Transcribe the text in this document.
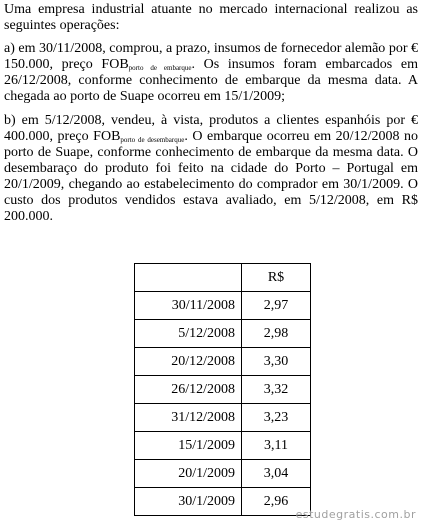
Uma empresa industrial atuante no mercado internacional realizou as seguintes operações:

a) em 30/11/2008, comprou, a prazo, insumos de fornecedor alemão por € 150.000, preço $FOB_{porto de embarque}$. Os insumos foram embarcados em 26/12/2008, conforme conhecimento de embarque da mesma data. A chegada ao porto de Suape ocorreu em 15/1/2009;

b) em 5/12/2008, vendeu, à vista, produtos a clientes espanhóis por € 400.000, preço $FOB_{porto de desembarque}$. O embarque ocorreu em 20/12/2008 no porto de Suape, conforme conhecimento de embarque da mesma data. O desembaraço do produto foi feito na cidade do Porto – Portugal em 20/1/2009, chegando ao estabelecimento do comprador em 30/1/2009. O custo dos produtos vendidos estava avaliado, em 5/12/2008, em R$ 200.000.

	R$
30/11/2008	2,97
5/12/2008	2,98
20/12/2008	3,30
26/12/2008	3,32
31/12/2008	3,23
15/1/2009	3,11
20/1/2009	3,04
30/1/2009	2,96
estudegratis.com.br
